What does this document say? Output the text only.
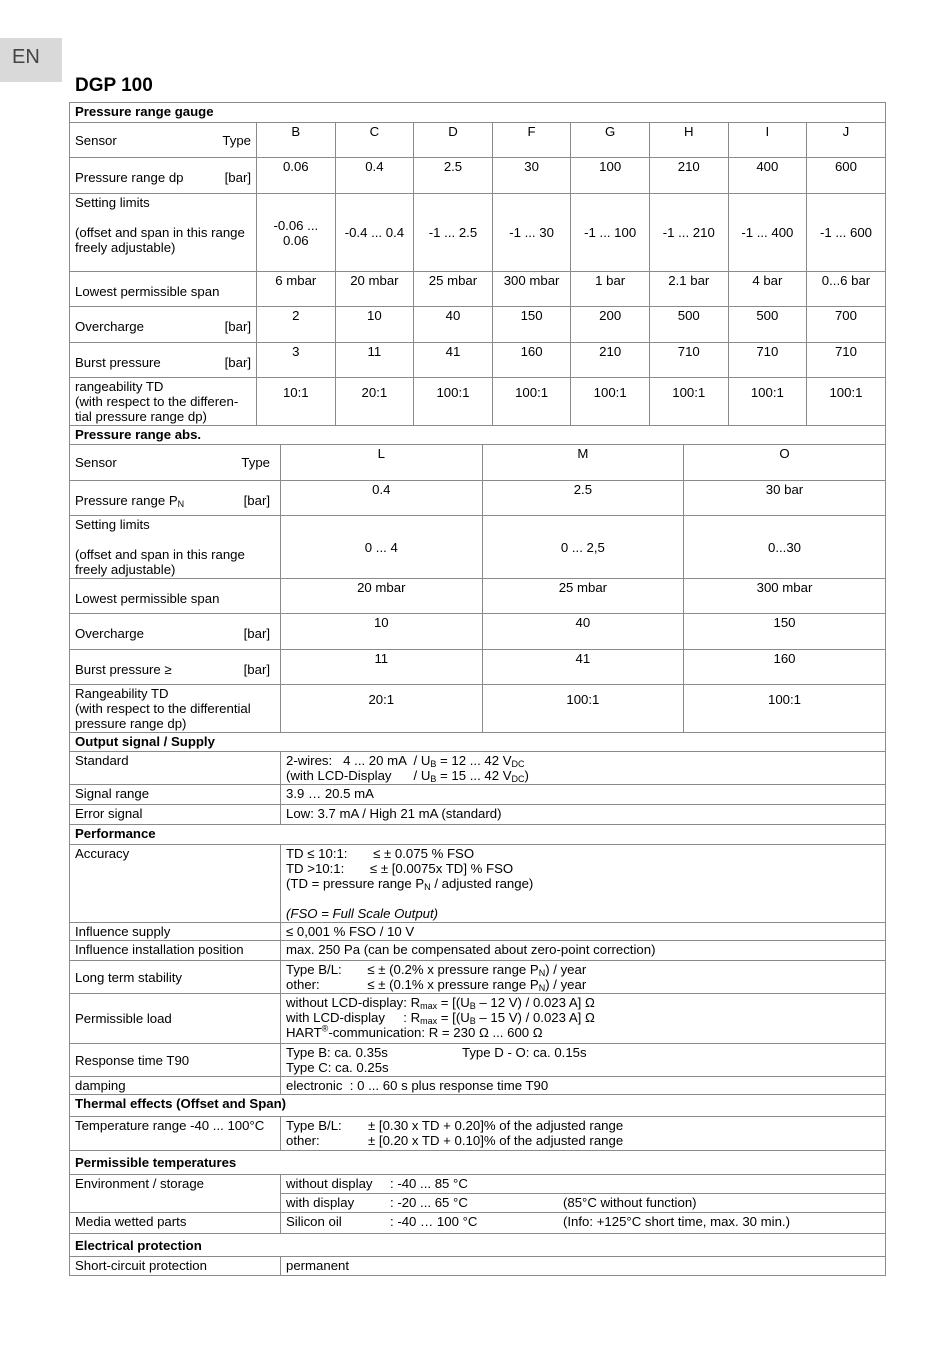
EN
DGP 100
Pressure range gauge								

Sensor Type	B	C	D	F	G	H	I	J

Pressure range dp [bar]	0.06	0.4	2.5	30	100	210	400	600

Setting limits
(offset and span in this range freely adjustable)	-0.06 ... 0.06	-0.4 ... 0.4	-1 ... 2.5	-1 ... 30	-1 ... 100	-1 ... 210	-1 ... 400	-1 ... 600
Lowest permissible span	6 mbar	20 mbar	25 mbar	300 mbar	1 bar	2.1 bar	4 bar	0...6 bar

Overcharge [bar]	2	10	40	150	200	500	500	700

Burst pressure [bar]	3	11	41	160	210	710	710	710

rangeability TD
(with respect to the differen-
tial pressure range dp)	10:1	20:1	100:1	100:1	100:1	100:1	100:1	100:1
Pressure range abs.			

Sensor Type	L	M	O

Pressure range $P_N$ [bar]	0.4	2.5	30 bar

Setting limits
(offset and span in this range freely adjustable)	0 ... 4	0 ... 2,5	0...30
Lowest permissible span	20 mbar	25 mbar	300 mbar

Overcharge [bar]	10	40	150

Burst pressure ≥ [bar]	11	41	160

Rangeability TD
(with respect to the differential
pressure range dp)	20:1	100:1	100:1
Output signal / Supply			
Standard	2-wires:   4 ... 20 mA  / $U_B = 12$ ... 42 $V_{DC}$
(with LCD-Display      / $U_B = 15$ ... 42 $V_{DC}$)		

Signal range	3.9 … 20.5 mA		
Error signal	Low: 3.7 mA / High 21 mA (standard)		
Performance			
Accuracy	TD ≤ 10:1:       ≤ ± 0.075 % FSO
TD >10:1:       ≤ ± [0.0075x TD] % FSO
(TD = pressure range $P_N$ / adjusted range)
(FSO = Full Scale Output)		

Influence supply	≤ 0,001 % FSO / 10 V		
Influence installation position	max. 250 Pa (can be compensated about zero-point correction)		
Long term stability	Type B/L:       ≤ ± (0.2% x pressure range $P_N$) / year
other:             ≤ ± (0.1% x pressure range $P_N$) / year		

Permissible load	without LCD-display: $R_{max} = [(U_B - 12$ V) / 0.023 A] Ω
with LCD-display     : $R_{max} = [(U_B - 15$ V) / 0.023 A] Ω
HART®-communication: R = 230 Ω ... 600 Ω		

Response time T90	Type B: ca. 0.35s Type D - O: ca. 0.15s
Type C: ca. 0.25s		

damping	electronic  : 0 ... 60 s plus response time T90		
Thermal effects (Offset and Span)			
Temperature range -40 ... 100°C	Type B/L: ± [0.30 x TD + 0.20]% of the adjusted range
other: ± [0.20 x TD + 0.10]% of the adjusted range		

Permissible temperatures			
Environment / storage	without display : -40 ... 85 °C		
	with display : -20 ... 65 °C (85°C without function)		
Media wetted parts	Silicon oil : -40 … 100 °C (Info: +125°C short time, max. 30 min.)		
Electrical protection			
Short-circuit protection	permanent		
